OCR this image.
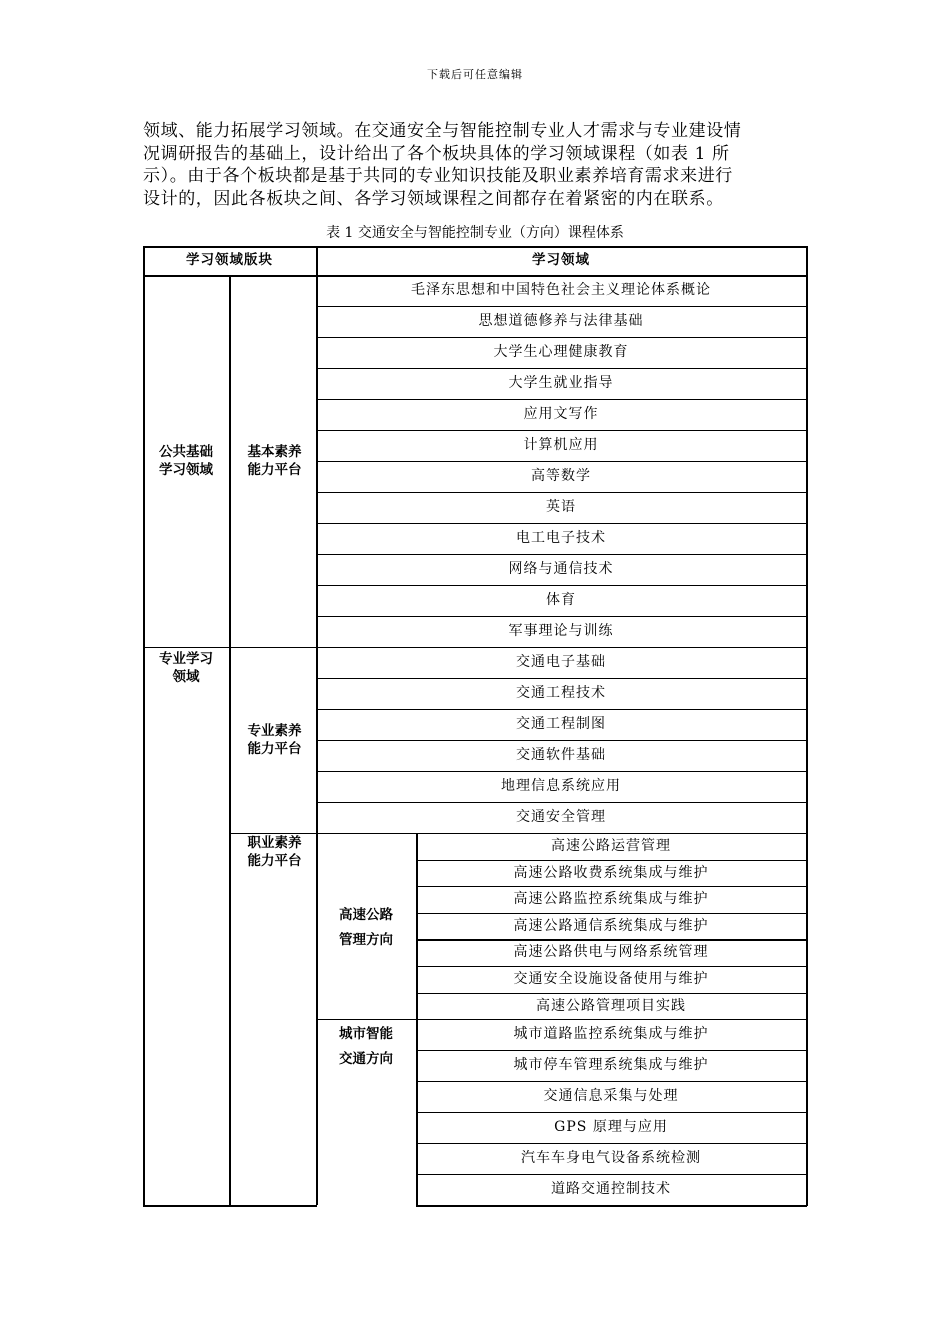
下载后可任意编辑
领域、能力拓展学习领域。在交通安全与智能控制专业人才需求与专业建设情
况调研报告的基础上，设计给出了各个板块具体的学习领域课程（如表 1 所
示）。由于各个板块都是基于共同的专业知识技能及职业素养培育需求来进行
设计的，因此各板块之间、各学习领域课程之间都存在着紧密的内在联系。
表 1 交通安全与智能控制专业（方向）课程体系
学习领域版块	学习领域
毛泽东思想和中国特色社会主义理论体系概论
思想道德修养与法律基础
大学生心理健康教育
大学生就业指导
应用文写作
计算机应用
高等数学
英语
电工电子技术
网络与通信技术
体育
军事理论与训练
交通电子基础
交通工程技术
交通工程制图
交通软件基础
地理信息系统应用
交通安全管理
高速公路运营管理
高速公路收费系统集成与维护
高速公路监控系统集成与维护
高速公路通信系统集成与维护
高速公路供电与网络系统管理
交通安全设施设备使用与维护
高速公路管理项目实践
城市道路监控系统集成与维护
城市停车管理系统集成与维护
交通信息采集与处理
GPS 原理与应用
汽车车身电气设备系统检测
道路交通控制技术
公共基础
学习领域
基本素养
能力平台
专业学习
领域
专业素养
能力平台
职业素养
能力平台
高速公路
管理方向
城市智能
交通方向
